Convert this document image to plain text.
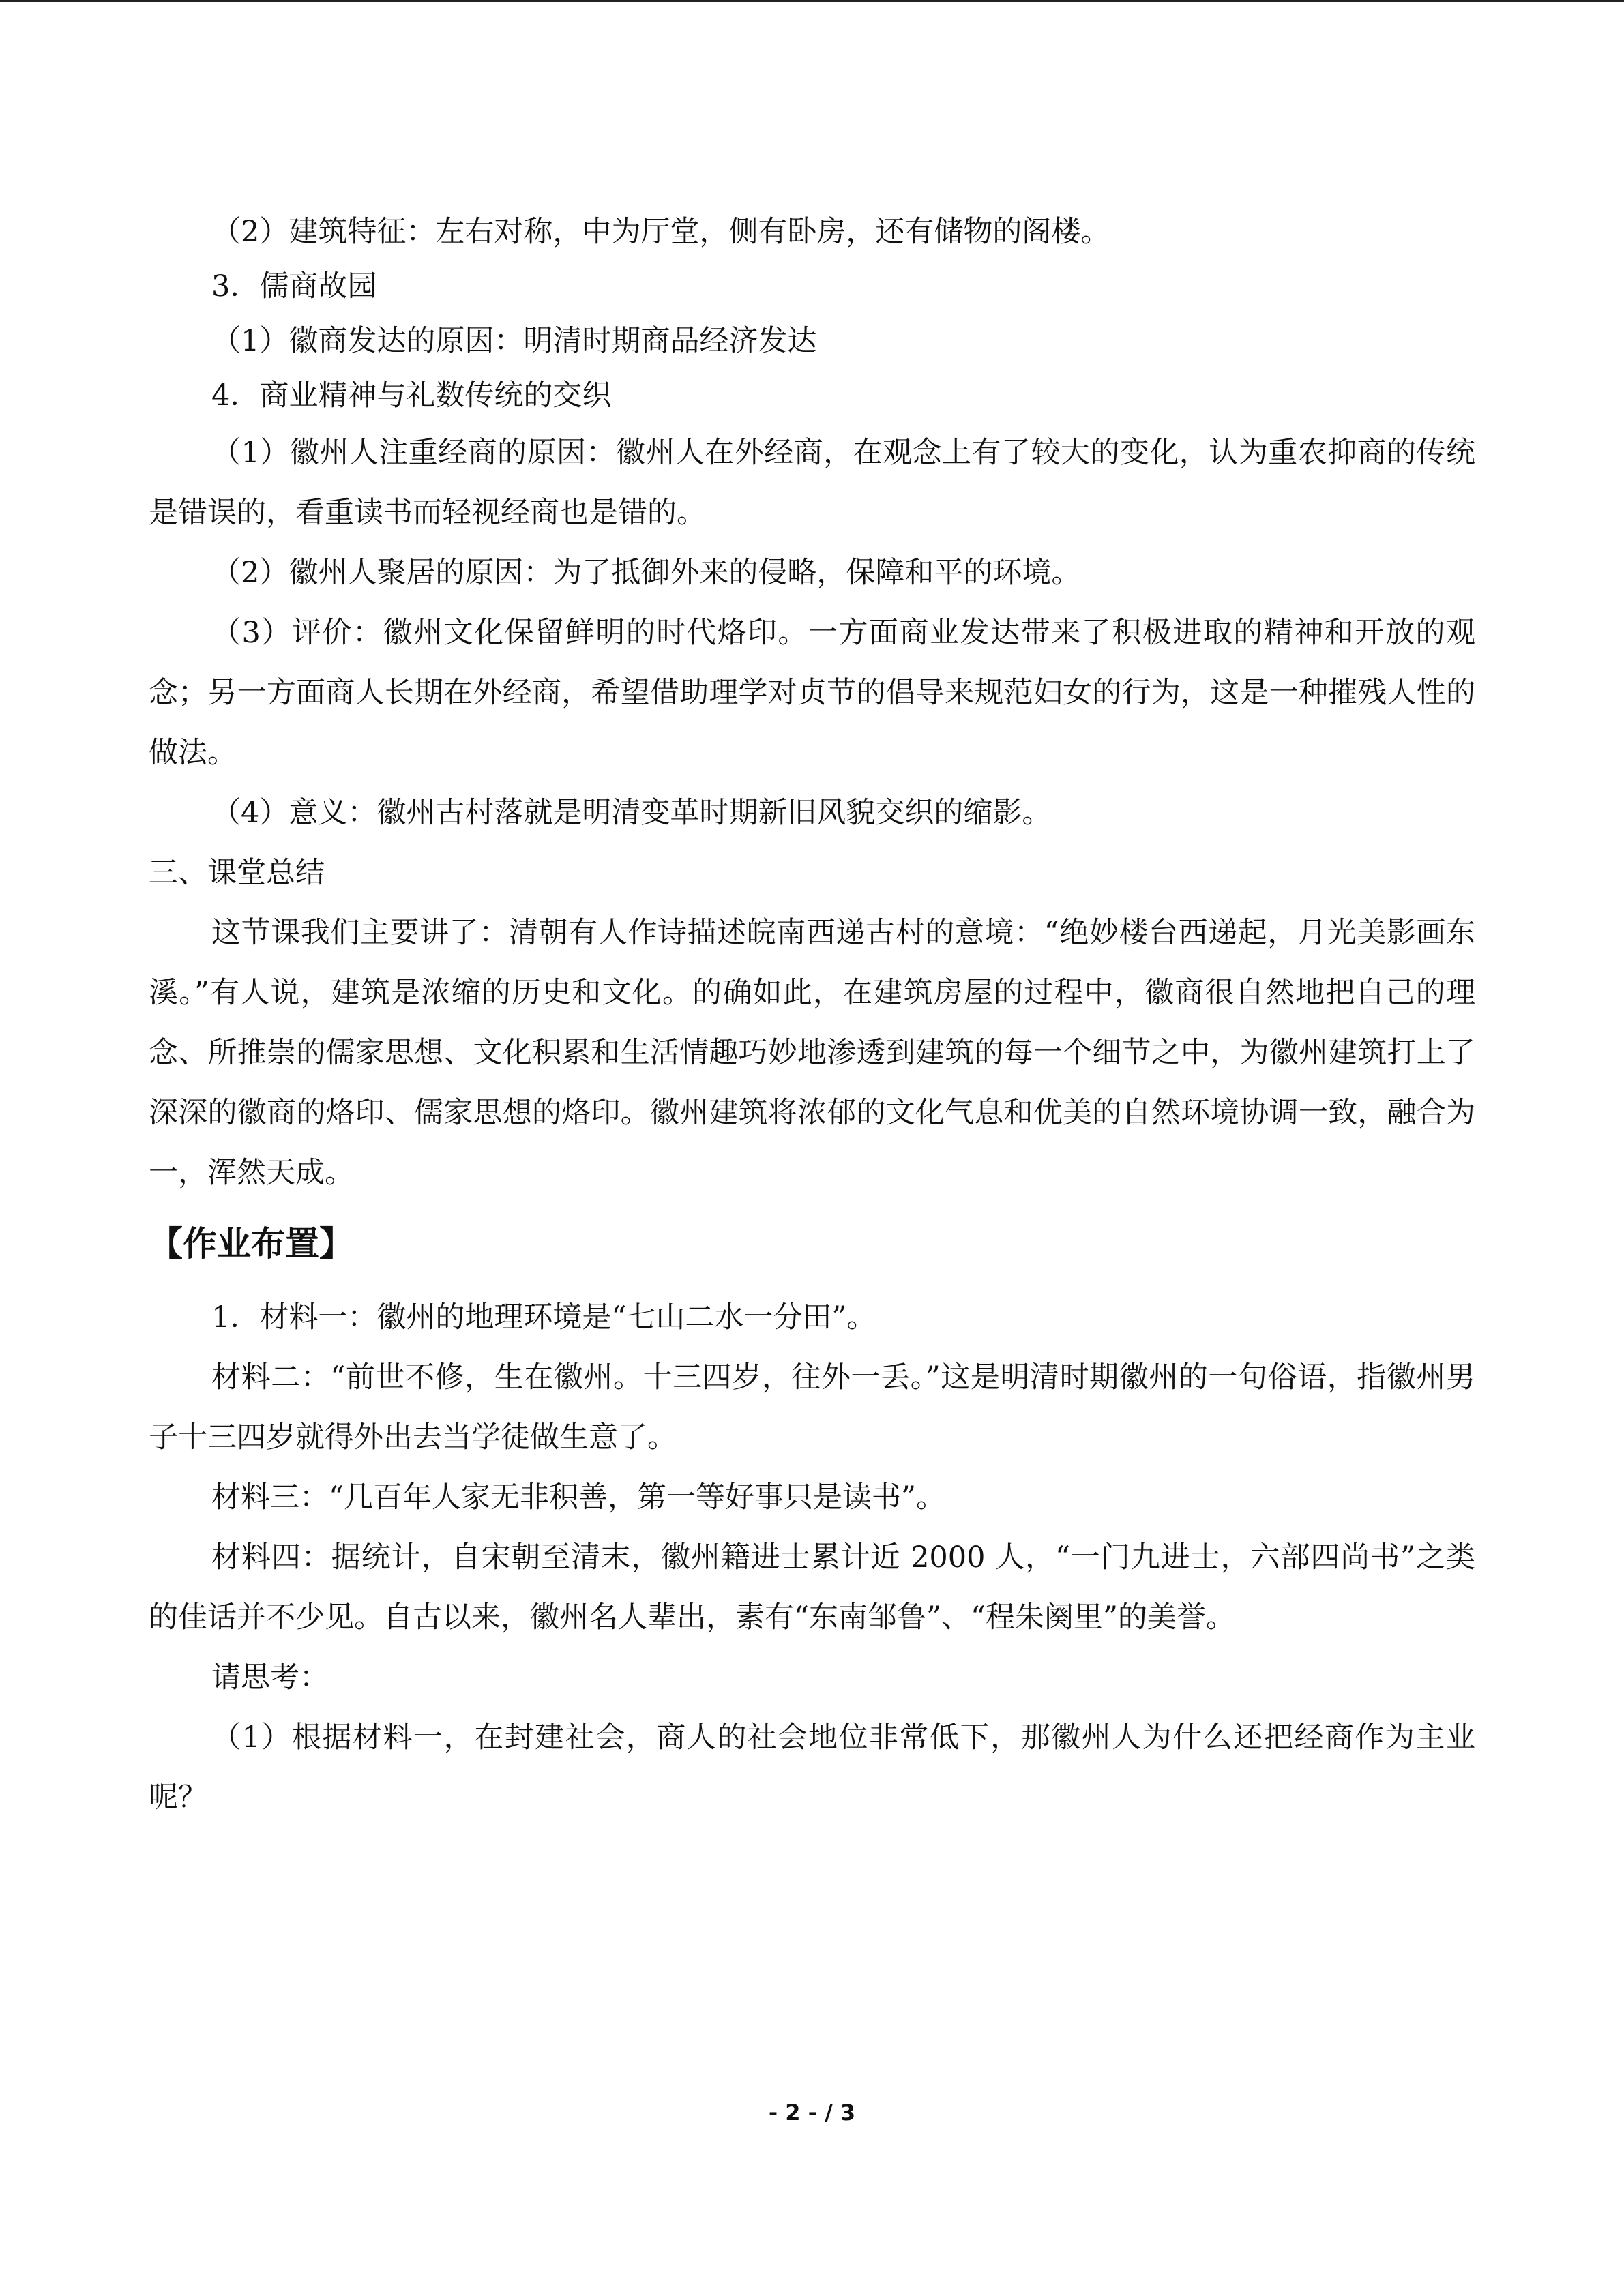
（2）建筑特征：左右对称，中为厅堂，侧有卧房，还有储物的阁楼。

3．儒商故园

（1）徽商发达的原因：明清时期商品经济发达

4．商业精神与礼数传统的交织

（1）徽州人注重经商的原因：徽州人在外经商，在观念上有了较大的变化，认为重农抑商的传统是错误的，看重读书而轻视经商也是错的。

（2）徽州人聚居的原因：为了抵御外来的侵略，保障和平的环境。

（3）评价：徽州文化保留鲜明的时代烙印。一方面商业发达带来了积极进取的精神和开放的观念；另一方面商人长期在外经商，希望借助理学对贞节的倡导来规范妇女的行为，这是一种摧残人性的做法。

（4）意义：徽州古村落就是明清变革时期新旧风貌交织的缩影。

三、课堂总结

这节课我们主要讲了：清朝有人作诗描述皖南西递古村的意境：“绝妙楼台西递起，月光美影画东溪。”有人说，建筑是浓缩的历史和文化。的确如此，在建筑房屋的过程中，徽商很自然地把自己的理念、所推崇的儒家思想、文化积累和生活情趣巧妙地渗透到建筑的每一个细节之中，为徽州建筑打上了深深的徽商的烙印、儒家思想的烙印。徽州建筑将浓郁的文化气息和优美的自然环境协调一致，融合为一，浑然天成。

【作业布置】

1．材料一：徽州的地理环境是“七山二水一分田”。

材料二：“前世不修，生在徽州。十三四岁，往外一丢。”这是明清时期徽州的一句俗语，指徽州男子十三四岁就得外出去当学徒做生意了。

材料三：“几百年人家无非积善，第一等好事只是读书”。

材料四：据统计，自宋朝至清末，徽州籍进士累计近 2000 人，“一门九进士，六部四尚书”之类的佳话并不少见。自古以来，徽州名人辈出，素有“东南邹鲁”、“程朱阕里”的美誉。

请思考：

（1）根据材料一，在封建社会，商人的社会地位非常低下，那徽州人为什么还把经商作为主业呢？

- 2 - / 3
